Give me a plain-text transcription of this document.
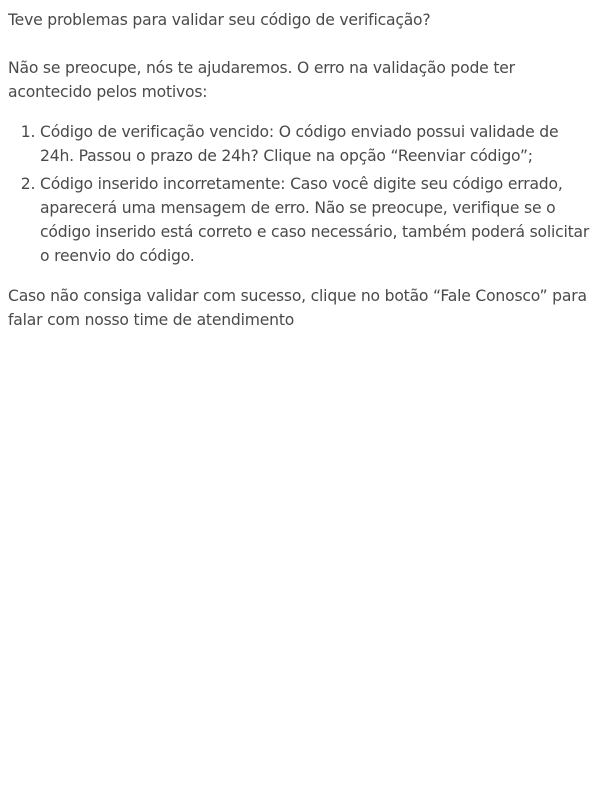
Teve problemas para validar seu código de verificação?

Não se preocupe, nós te ajudaremos. O erro na validação pode ter acontecido pelos motivos:

1. Código de verificação vencido: O código enviado possui validade de 24h. Passou o prazo de 24h? Clique na opção “Reenviar código”;
2. Código inserido incorretamente: Caso você digite seu código errado, aparecerá uma mensagem de erro. Não se preocupe, verifique se o código inserido está correto e caso necessário, também poderá solicitar o reenvio do código.

Caso não consiga validar com sucesso, clique no botão “Fale Conosco” para falar com nosso time de atendimento
